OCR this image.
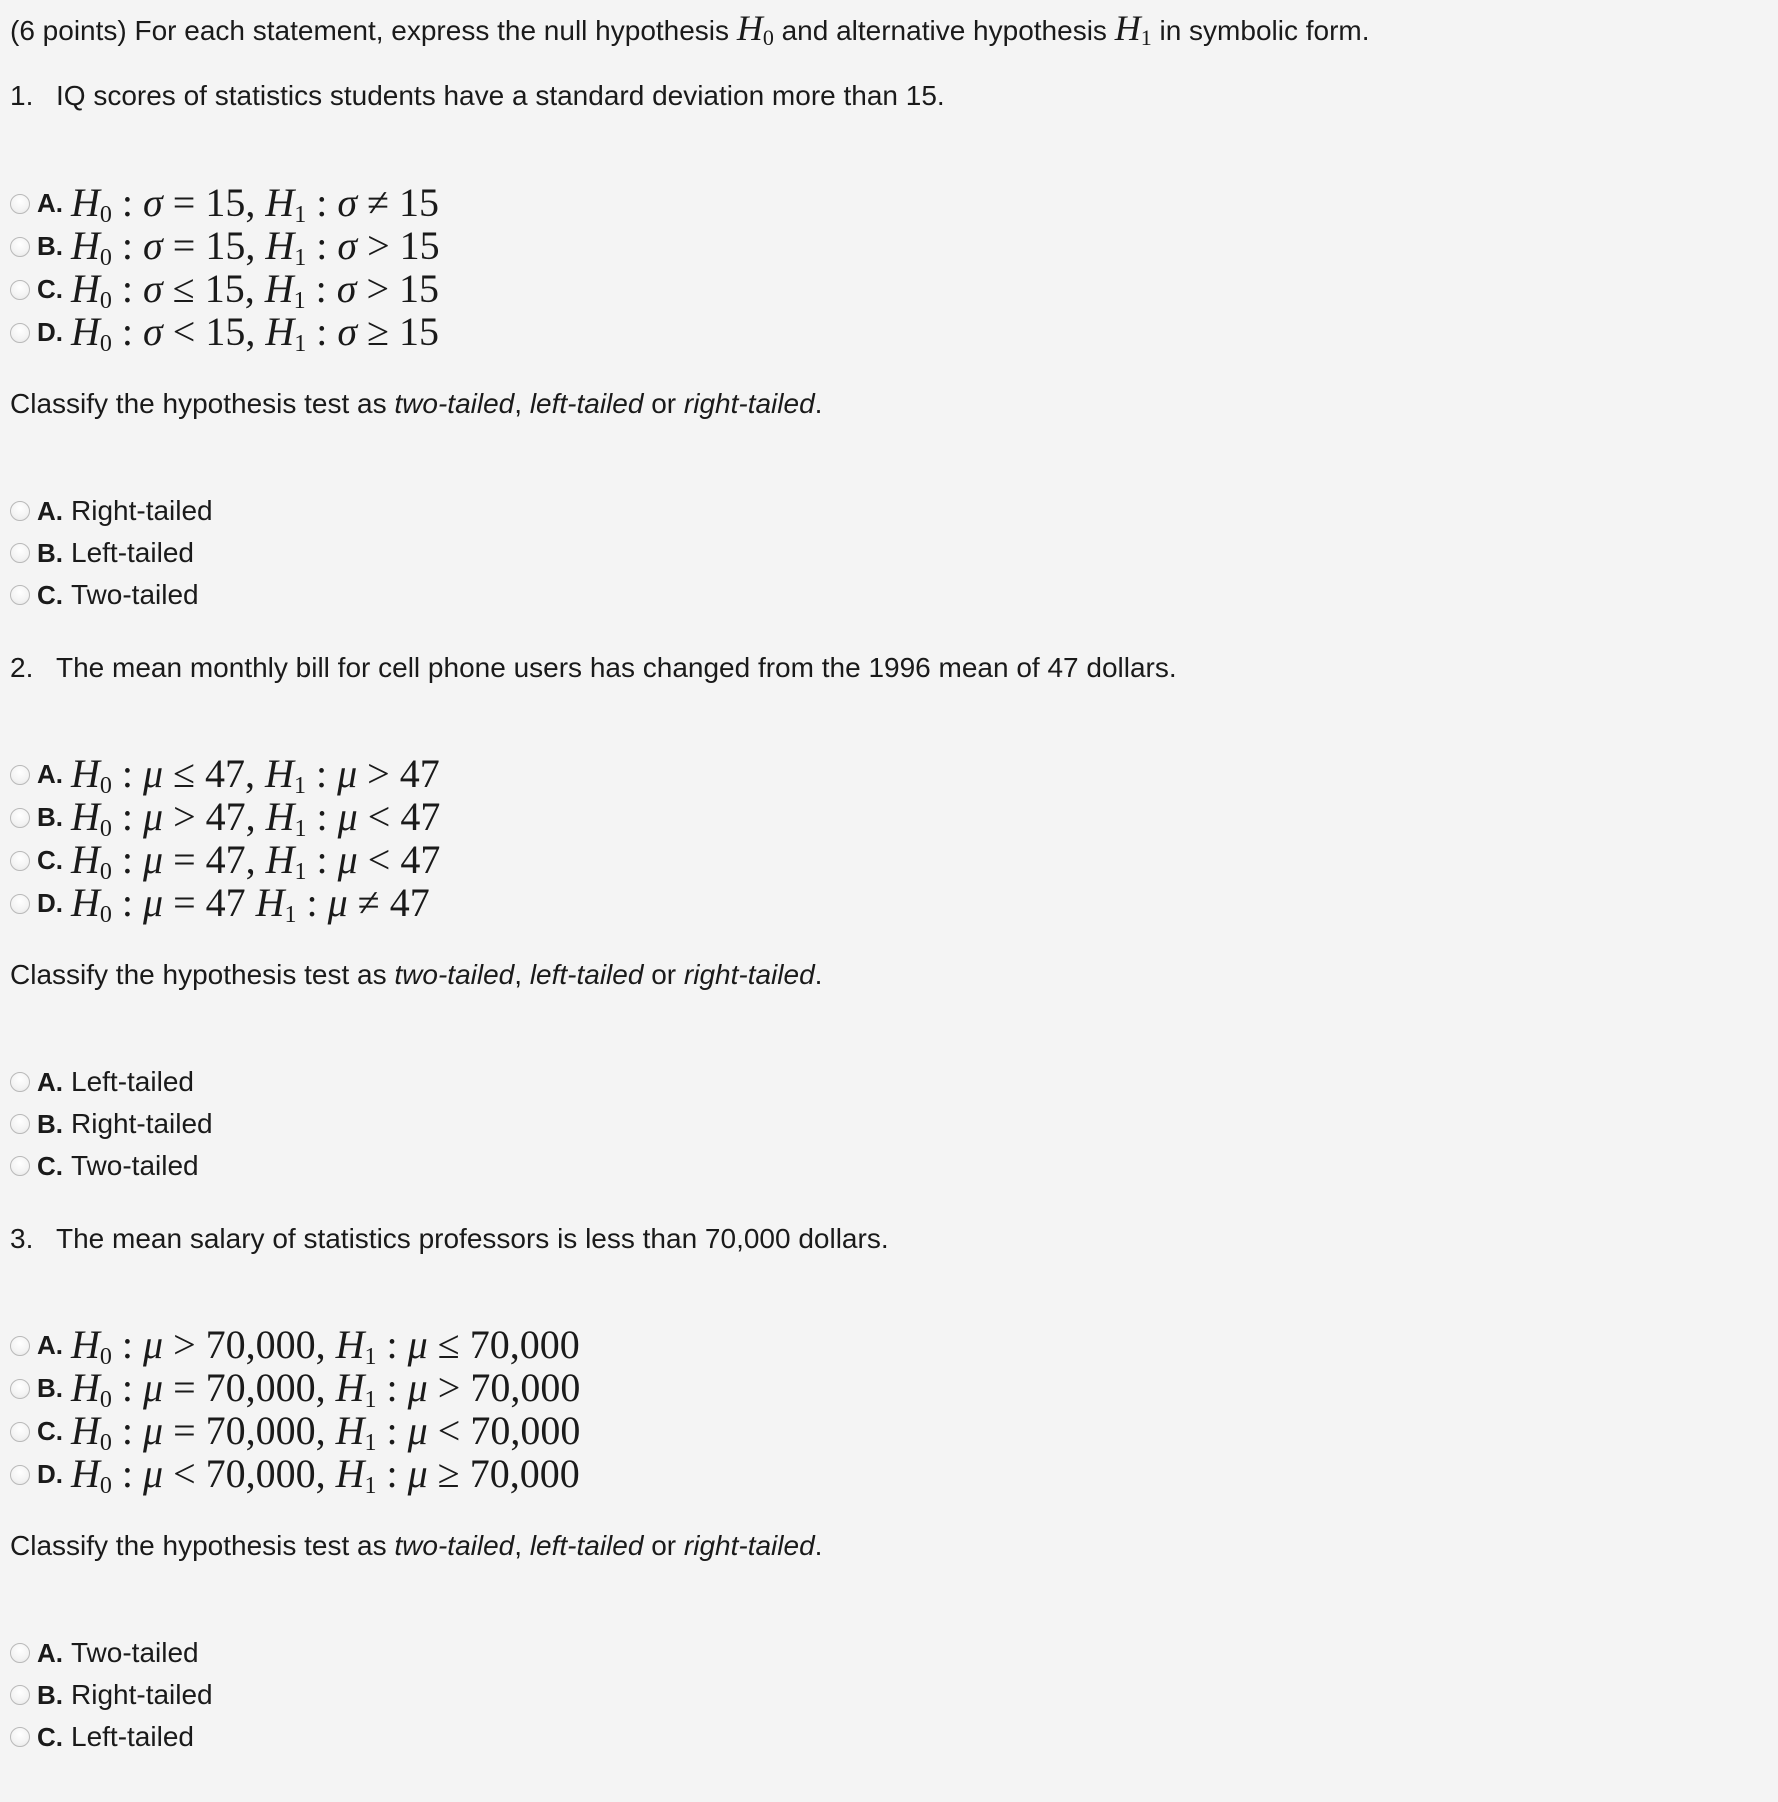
(6 points) For each statement, express the null hypothesis $H_0$ and alternative hypothesis $H_1$ in symbolic form.
1. IQ scores of statistics students have a standard deviation more than 15.
A. $H_0$ : σ = 15, $H_1$ : σ ≠ 15
B. $H_0$ : σ = 15, $H_1$ : σ > 15
C. $H_0$ : σ ≤ 15, $H_1$ : σ > 15
D. $H_0$ : σ < 15, $H_1$ : σ ≥ 15
Classify the hypothesis test as two-tailed, left-tailed or right-tailed.
A. Right-tailed
B. Left-tailed
C. Two-tailed
2. The mean monthly bill for cell phone users has changed from the 1996 mean of 47 dollars.
A. $H_0$ : μ ≤ 47, $H_1$ : μ > 47
B. $H_0$ : μ > 47, $H_1$ : μ < 47
C. $H_0$ : μ = 47, $H_1$ : μ < 47
D. $H_0$ : μ = 47 $H_1$ : μ ≠ 47
Classify the hypothesis test as two-tailed, left-tailed or right-tailed.
A. Left-tailed
B. Right-tailed
C. Two-tailed
3. The mean salary of statistics professors is less than 70,000 dollars.
A. $H_0$ : μ > 70,000, $H_1$ : μ ≤ 70,000
B. $H_0$ : μ = 70,000, $H_1$ : μ > 70,000
C. $H_0$ : μ = 70,000, $H_1$ : μ < 70,000
D. $H_0$ : μ < 70,000, $H_1$ : μ ≥ 70,000
Classify the hypothesis test as two-tailed, left-tailed or right-tailed.
A. Two-tailed
B. Right-tailed
C. Left-tailed
